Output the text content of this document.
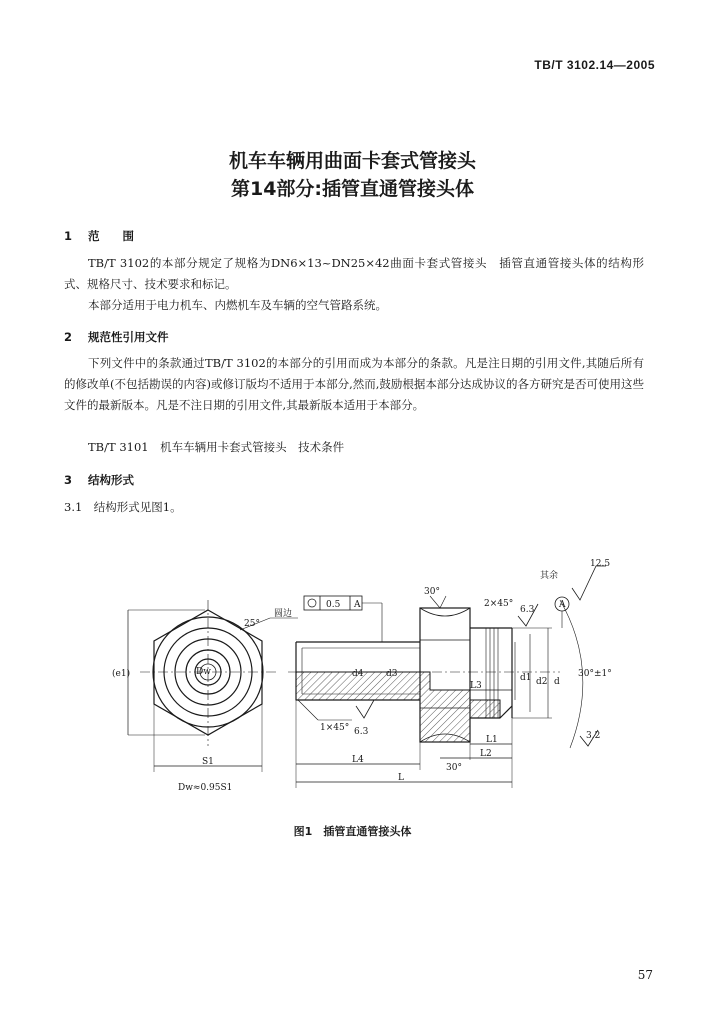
TB/T 3102.14—2005
机车车辆用曲面卡套式管接头
第14部分:插管直通管接头体
1 范　　围
TB/T 3102的本部分规定了规格为DN6×13~DN25×42曲面卡套式管接头　插管直通管接头体的结构形式、规格尺寸、技术要求和标记。
本部分适用于电力机车、内燃机车及车辆的空气管路系统。
2 规范性引用文件
下列文件中的条款通过TB/T 3102的本部分的引用而成为本部分的条款。凡是注日期的引用文件,其随后所有的修改单(不包括勘误的内容)或修订版均不适用于本部分,然而,鼓励根据本部分达成协议的各方研究是否可使用这些文件的最新版本。凡是不注日期的引用文件,其最新版本适用于本部分。
TB/T 3101　机车车辆用卡套式管接头　技术条件
3 结构形式
3.1　结构形式见图1。
其余
12.5
2×45°
6.3
30°
A
0.5 A
25°
圆边
Dw
(e1)
S1
Dw≈0.95S1
d1 d2
d3
d4
d
30°±1°
3.2
L3
L1
L2
30°
L4
L
1×45° 6.3
图1　插管直通管接头体
57
